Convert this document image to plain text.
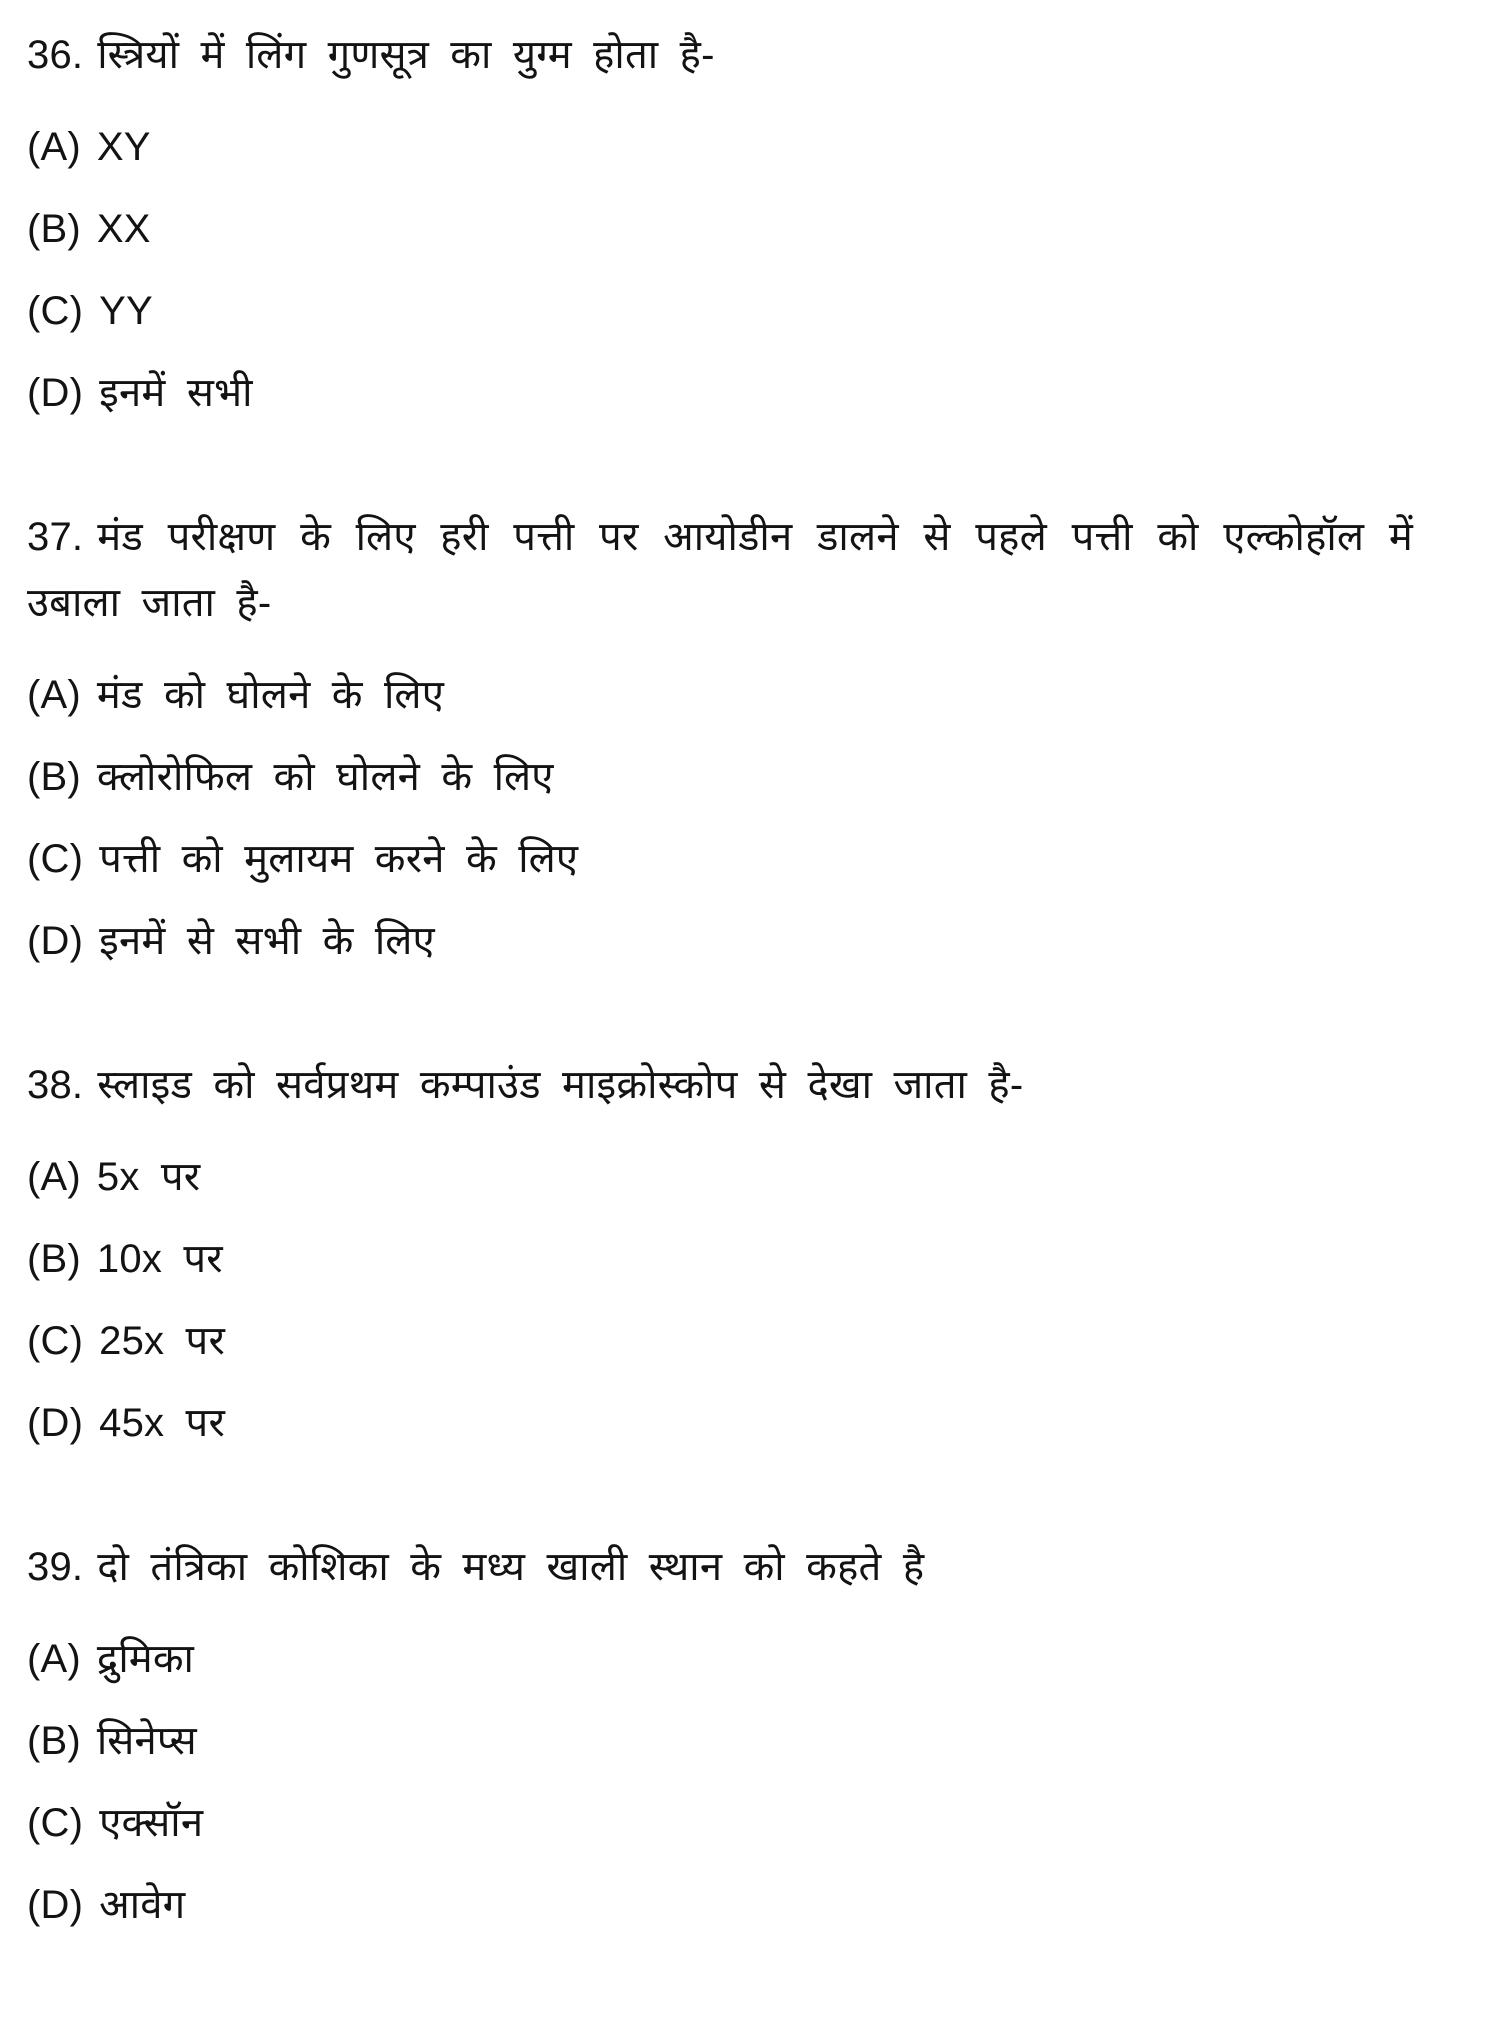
36. स्त्रियों में लिंग गुणसूत्र का युग्म होता है-

(A) XY

(B) XX

(C) YY

(D) इनमें सभी

37. मंड परीक्षण के लिए हरी पत्ती पर आयोडीन डालने से पहले पत्ती को एल्कोहॉल में उबाला जाता है-

(A) मंड को घोलने के लिए

(B) क्लोरोफिल को घोलने के लिए

(C) पत्ती को मुलायम करने के लिए

(D) इनमें से सभी के लिए

38. स्लाइड को सर्वप्रथम कम्पाउंड माइक्रोस्कोप से देखा जाता है-

(A) 5x पर

(B) 10x पर

(C) 25x पर

(D) 45x पर

39. दो तंत्रिका कोशिका के मध्य खाली स्थान को कहते है

(A) द्रुमिका

(B) सिनेप्स

(C) एक्सॉन

(D) आवेग
